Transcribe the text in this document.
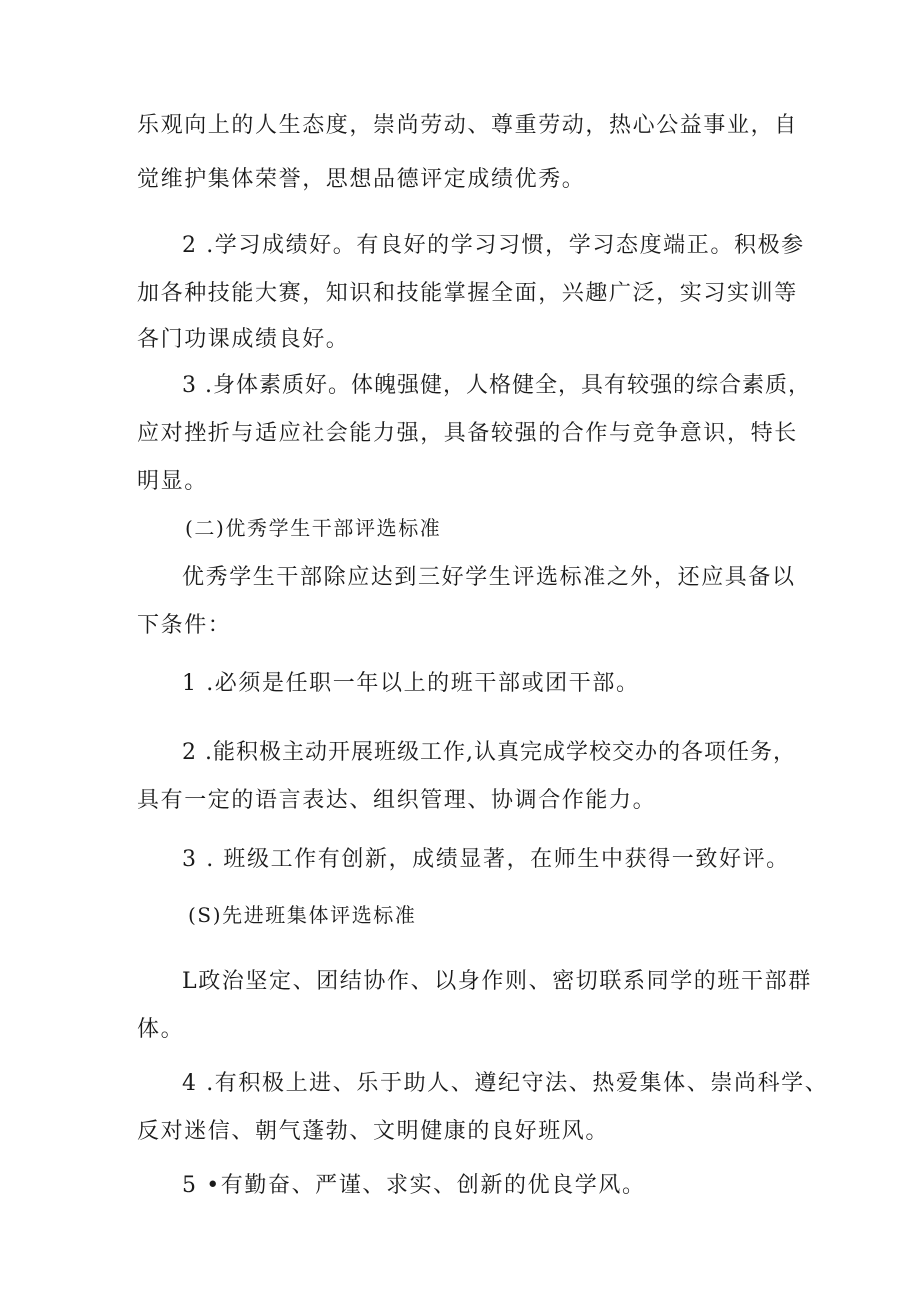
乐观向上的人生态度，崇尚劳动、尊重劳动，热心公益事业，自
觉维护集体荣誉，思想品德评定成绩优秀。
2 .学习成绩好。有良好的学习习惯，学习态度端正。积极参
加各种技能大赛，知识和技能掌握全面，兴趣广泛，实习实训等
各门功课成绩良好。
3 .身体素质好。体魄强健，人格健全，具有较强的综合素质，
应对挫折与适应社会能力强，具备较强的合作与竞争意识，特长
明显。
(二)优秀学生干部评选标准
优秀学生干部除应达到三好学生评选标准之外，还应具备以
下条件：
1 .必须是任职一年以上的班干部或团干部。
2 .能积极主动开展班级工作,认真完成学校交办的各项任务，
具有一定的语言表达、组织管理、协调合作能力。
3 . 班级工作有创新，成绩显著，在师生中获得一致好评。
(S)先进班集体评选标准
L政治坚定、团结协作、以身作则、密切联系同学的班干部群
体。
4 .有积极上进、乐于助人、遵纪守法、热爱集体、崇尚科学、
反对迷信、朝气蓬勃、文明健康的良好班风。
5 •有勤奋、严谨、求实、创新的优良学风。
